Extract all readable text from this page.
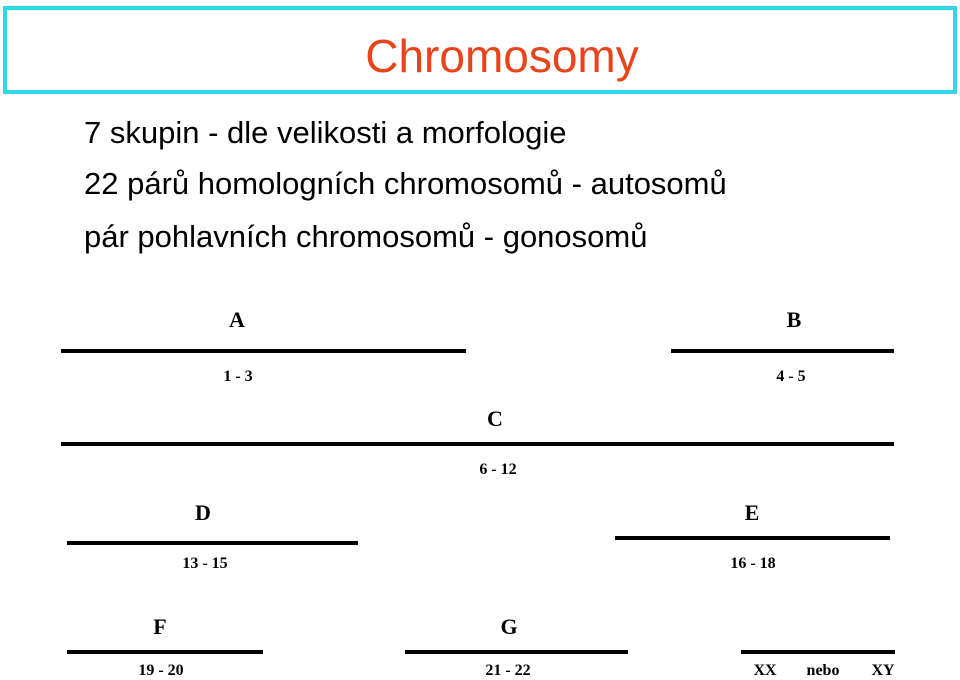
Chromosomy
7 skupin - dle velikosti a morfologie
22 párů homologních chromosomů - autosomů
pár pohlavních chromosomů - gonosomů
A
1 - 3
B
4 - 5
C
6 - 12
D
13 - 15
E
16 - 18
F
19 - 20
G
21 - 22	XX nebo XY
